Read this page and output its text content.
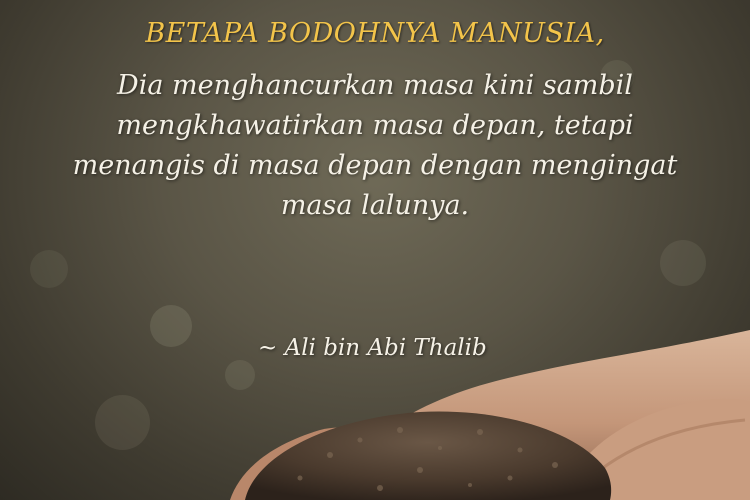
BETAPA BODOHNYA MANUSIA,
Dia menghancurkan masa kini sambil
mengkhawatirkan masa depan, tetapi
menangis di masa depan dengan mengingat
masa lalunya.
~ Ali bin Abi Thalib
